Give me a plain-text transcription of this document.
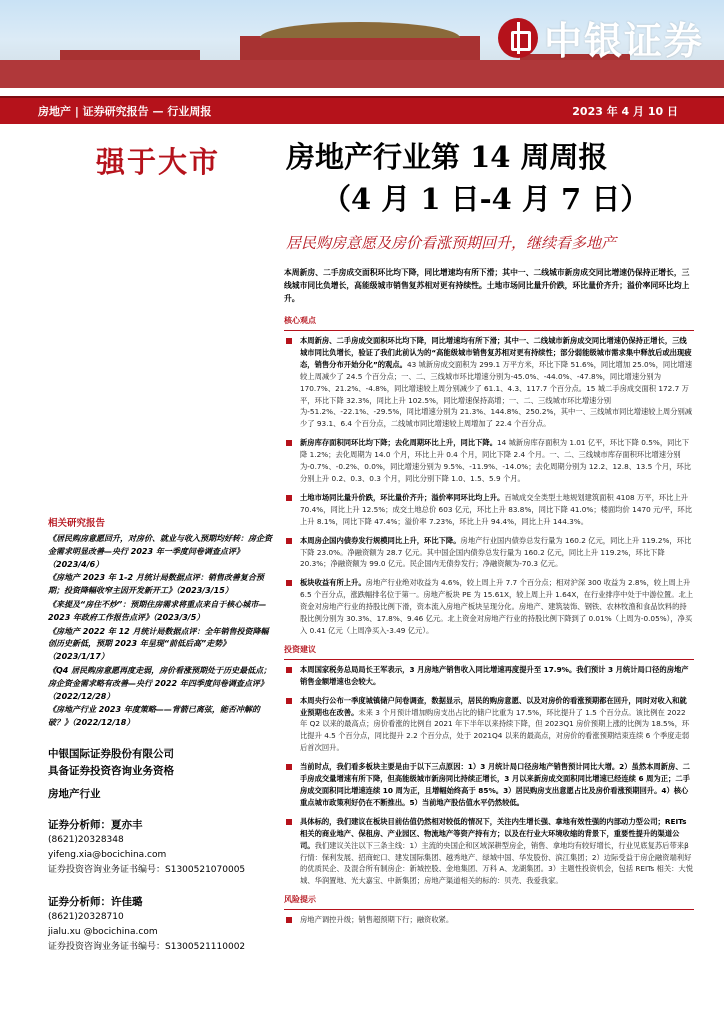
中银证券
房地产 | 证券研究报告 — 行业周报	2023 年 4 月 10 日
强于大市 房地产行业第 14 周周报
（4 月 1 日-4 月 7 日）
居民购房意愿及房价看涨预期回升，继续看多地产
相关研究报告
《居民购房意愿回升，对房价、就业与收入预期均好转：房企资金需求明显改善—央行 2023 年一季度问卷调查点评》（2023/4/6）
《房地产 2023 年 1-2 月统计局数据点评：销售改善复合预期；投资降幅收窄主因开发新开工》（2023/3/15）
《来提及“房住不炒”：预期住房需求将重点来自于核心城市—2023 年政府工作报告点评》（2023/3/5）
《房地产 2022 年 12 月统计局数据点评：全年销售投资降幅创历史新低，预期 2023 年呈现“前低后高”走势》（2023/1/17）
《Q4 居民购房意愿再度走弱，房价看涨预期处于历史最低点；房企资金需求略有改善—央行 2022 年四季度问卷调查点评》（2022/12/28）
《房地产行业 2023 年度策略——背箭已离弦，能否冲解的破？》（2022/12/18）
中银国际证券股份有限公司
具备证券投资咨询业务资格
房地产行业
证券分析师：夏亦丰
(8621)20328348
yifeng.xia@bocichina.com
证券投资咨询业务证书编号：S1300521070005
证券分析师：许佳璐
(8621)20328710
jialu.xu @bocichina.com
证券投资咨询业务证书编号：S1300521110002
本周新房、二手房成交面积环比均下降，同比增速均有所下滑；其中一、二线城市新房成交同比增速仍保持正增长，三线城市同比负增长，高能级城市销售复苏相对更有持续性。土地市场同比量升价跌，环比量价齐升；溢价率同环比均上升。
核心观点
本周新房、二手房成交面积环比均下降，同比增速均有所下滑；其中一、二线城市新房成交同比增速仍保持正增长，三线城市同比负增长，验证了我们此前认为的“高能级城市销售复苏相对更有持续性；部分弱能级城市需求集中释放后或出现疲态，销售分布开始分化”的观点。43 城新房成交面积为 299.1 万平方米，环比下降 51.6%，同比增加 25.0%，同比增速较上周减少了 24.5 个百分点；一、二、三线城市环比增速分别为-45.0%、-44.0%、-47.8%，同比增速分别为 170.7%、21.2%、-4.8%，同比增速较上周分别减少了 61.1、4.3、117.7 个百分点。15 城二手房成交面积 172.7 万平，环比下降 32.3%，同比上升 102.5%，同比增速保持高增；一、二、三线城市环比增速分别为-51.2%、-22.1%、-29.5%，同比增速分别为 21.3%、144.8%、250.2%，其中一、三线城市同比增速较上周分别减少了 93.1、6.4 个百分点，二线城市同比增速较上周增加了 22.4 个百分点。
新房库存面积同环比均下降；去化周期环比上升，同比下降。14 城新房库存面积为 1.01 亿平，环比下降 0.5%，同比下降 1.2%；去化周期为 14.0 个月，环比上升 0.4 个月，同比下降 2.4 个月。一、二、三线城市库存面积环比增速分别为-0.7%、-0.2%、0.0%，同比增速分别为 9.5%、-11.9%、-14.0%；去化周期分别为 12.2、12.8、13.5 个月，环比分别上升 0.2、0.3、0.3 个月，同比分别下降 1.0、1.5、5.9 个月。
土地市场同比量升价跌，环比量价齐升；溢价率同环比均上升。百城成交全类型土地规划建筑面积 4108 万平，环比上升 70.4%，同比上升 12.5%；成交土地总价 603 亿元，环比上升 83.8%，同比下降 41.0%；楼面均价 1470 元/平，环比上升 8.1%，同比下降 47.4%；溢价率 7.23%，环比上升 94.4%，同比上升 144.3%。
本周房企国内债券发行规模同比上升，环比下降。房地产行业国内债券总发行量为 160.2 亿元，同比上升 119.2%，环比下降 23.0%。净融资额为 28.7 亿元。其中国企国内债券总发行量为 160.2 亿元，同比上升 119.2%，环比下降 20.3%；净融资额为 99.0 亿元。民企国内无债券发行；净融资额为-70.3 亿元。
板块收益有所上升。房地产行业绝对收益为 4.6%，较上周上升 7.7 个百分点；相对沪深 300 收益为 2.8%，较上周上升 6.5 个百分点，涨跌幅排名位于第一。房地产板块 PE 为 15.61X，较上周上升 1.64X，在行业排序中处于中游位置。北上资金对房地产行业的持股比例下滑，资本流入房地产板块呈现分化。房地产、建筑装饰、钢铁、农林牧渔和食品饮料的持股比例分别为 30.3%、17.8%、9.46 亿元。北上资金对房地产行业的持股比例下降到了 0.01%（上周为-0.05%），净买入 0.41 亿元（上周净买入-3.49 亿元）。
投资建议
本周国家税务总局局长王军表示，3 月房地产销售收入同比增速再度提升至 17.9%。我们预计 3 月统计局口径的房地产销售金额增速也会较大。
本周央行公布一季度城镇储户问卷调查，数据显示，居民的购房意愿、以及对房价的看涨预期都在回升，同时对收入和就业预期也在改善。未来 3 个月预计增加购房支出占比的储户比重为 17.5%，环比提升了 1.5 个百分点。该比例在 2022 年 Q2 以来的最高点；房价看涨的比例自 2021 年下半年以来持续下降，但 2023Q1 房价预期上涨的比例为 18.5%，环比提升 4.5 个百分点，同比提升 2.2 个百分点，处于 2021Q4 以来的最高点，对房价的看涨预期结束连续 6 个季度走弱后首次回升。
当前时点，我们看多板块主要是由于以下三点原因：1）3 月统计局口径房地产销售预计同比大增。2）虽然本周新房、二手房成交量增速有所下降，但高能级城市新房同比持续正增长，3 月以来新房成交面积同比增速已经连续 6 周为正；二手房成交面积同比增速连续 10 周为正，且增幅始终高于 85%。3）居民购房支出意愿占比及房价看涨预期回升。4）核心重点城市政策利好仍在不断推出。5）当前地产股估值水平仍然较低。
具体标的，我们建议在板块目前估值仍然相对较低的情况下，关注内生增长强、拿地有效性强的内部动力型公司；REITs 相关的商业地产、保租房、产业园区、物流地产等资产持有方；以及在行业大环境收缩的背景下，重要性提升的渠道公司。我们建议关注以下三条主线：1）主流的央国企和区域深耕型房企，销售、拿地均有较好增长，行业见底复苏后带来β行情：保利发展、招商蛇口、建发国际集团、越秀地产、绿城中国、华发股份、滨江集团；2）边际受益于房企融资端利好的优质民企、及混合所有制房企：新城控股、金地集团、万科 A、龙湖集团。3）主题性投资机会，包括 REITs 相关：大悦城、华润置地、光大嘉宝、中新集团；房地产渠道相关的标的：贝壳、我爱我家。
风险提示
房地产调控升级；销售超预期下行；融资收紧。
